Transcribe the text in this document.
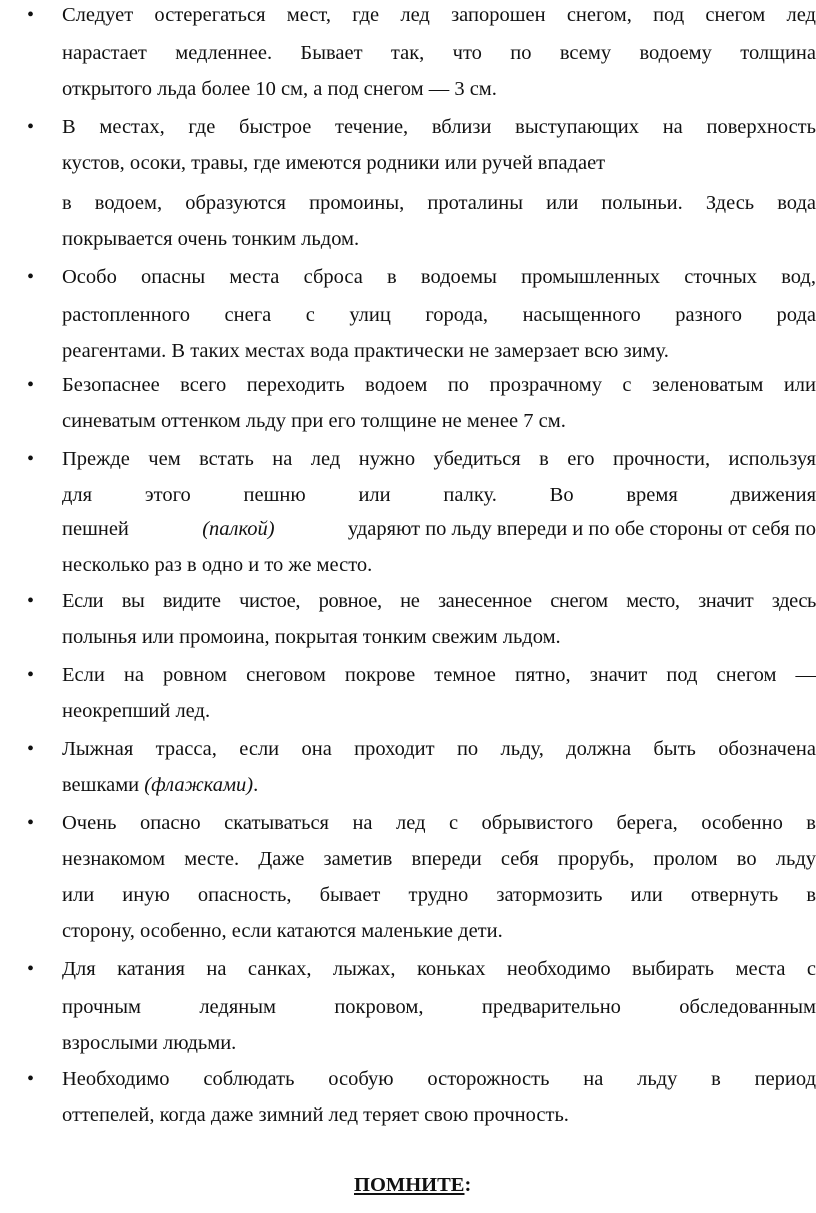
• Следует остерегаться мест, где лед запорошен снегом, под снегом лед
нарастает медленнее. Бывает так, что по всему водоему толщина
открытого льда более 10 см, а под снегом — 3 см.
• В местах, где быстрое течение, вблизи выступающих на поверхность
кустов, осоки, травы, где имеются родники или ручей впадает
в водоем, образуются промоины, проталины или полыньи. Здесь вода
покрывается очень тонким льдом.
• Особо опасны места сброса в водоемы промышленных сточных вод,
растопленного снега с улиц города, насыщенного разного рода
реагентами. В таких местах вода практически не замерзает всю зиму.
• Безопаснее всего переходить водоем по прозрачному с зеленоватым или
синеватым оттенком льду при его толщине не менее 7 см.
• Прежде чем встать на лед нужно убедиться в его прочности, используя
для этого пешню или палку. Во время движения
пешней	(палкой)	ударяют по льду впереди и по обе стороны от себя по
несколько раз в одно и то же место.
• Если вы видите чистое, ровное, не занесенное снегом место, значит здесь
полынья или промоина, покрытая тонким свежим льдом.
• Если на ровном снеговом покрове темное пятно, значит под снегом —
неокрепший лед.
• Лыжная трасса, если она проходит по льду, должна быть обозначена
вешками (флажками).
• Очень опасно скатываться на лед с обрывистого берега, особенно в
незнакомом месте. Даже заметив впереди себя прорубь, пролом во льду
или иную опасность, бывает трудно затормозить или отвернуть в
сторону, особенно, если катаются маленькие дети.
• Для катания на санках, лыжах, коньках необходимо выбирать места с
прочным ледяным покровом, предварительно обследованным
взрослыми людьми.
• Необходимо соблюдать особую осторожность на льду в период
оттепелей, когда даже зимний лед теряет свою прочность.
ПОМНИТЕ:
